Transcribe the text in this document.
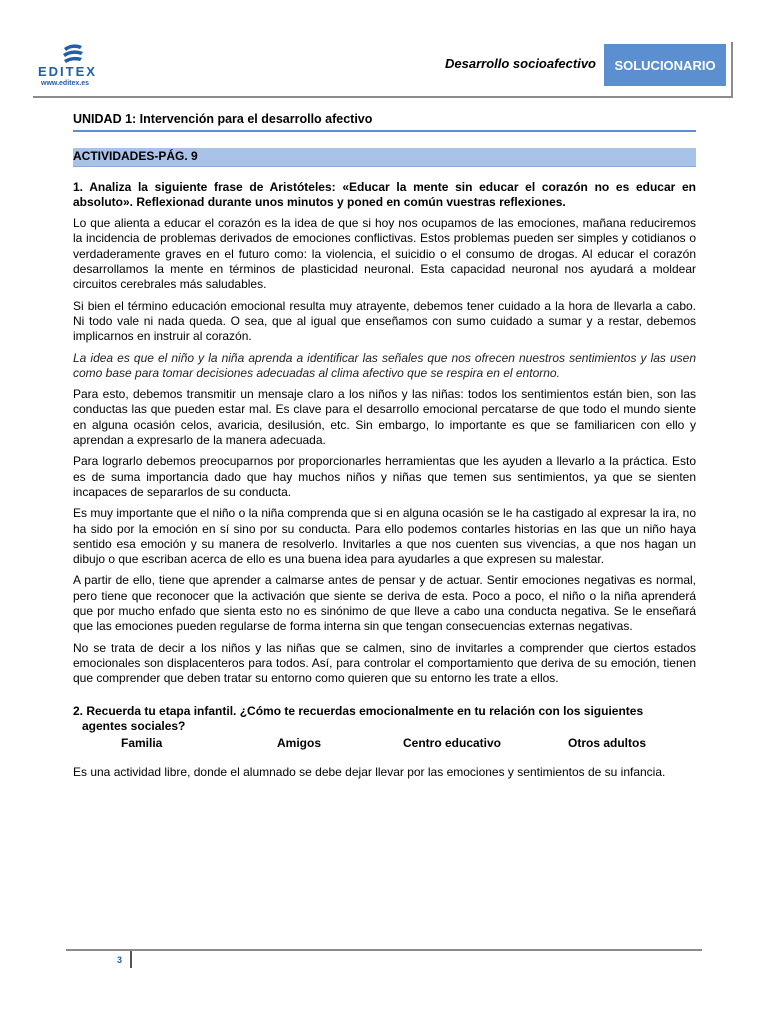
EDITEX
www.editex.es
Desarrollo socioafectivo	SOLUCIONARIO
UNIDAD 1: Intervención para el desarrollo afectivo
ACTIVIDADES-PÁG. 9

1. Analiza la siguiente frase de Aristóteles: «Educar la mente sin educar el corazón no es educar en absoluto». Reflexionad durante unos minutos y poned en común vuestras reflexiones.

Lo que alienta a educar el corazón es la idea de que si hoy nos ocupamos de las emociones, mañana reduciremos la incidencia de problemas derivados de emociones conflictivas. Estos problemas pueden ser simples y cotidianos o verdaderamente graves en el futuro como: la violencia, el suicidio o el consumo de drogas. Al educar el corazón desarrollamos la mente en términos de plasticidad neuronal. Esta capacidad neuronal nos ayudará a moldear circuitos cerebrales más saludables.

Si bien el término educación emocional resulta muy atrayente, debemos tener cuidado a la hora de llevarla a cabo. Ni todo vale ni nada queda. O sea, que al igual que enseñamos con sumo cuidado a sumar y a restar, debemos implicarnos en instruir al corazón.

La idea es que el niño y la niña aprenda a identificar las señales que nos ofrecen nuestros sentimientos y las usen como base para tomar decisiones adecuadas al clima afectivo que se respira en el entorno.

Para esto, debemos transmitir un mensaje claro a los niños y las niñas: todos los sentimientos están bien, son las conductas las que pueden estar mal. Es clave para el desarrollo emocional percatarse de que todo el mundo siente en alguna ocasión celos, avaricia, desilusión, etc. Sin embargo, lo importante es que se familiaricen con ello y aprendan a expresarlo de la manera adecuada.

Para lograrlo debemos preocuparnos por proporcionarles herramientas que les ayuden a llevarlo a la práctica. Esto es de suma importancia dado que hay muchos niños y niñas que temen sus sentimientos, ya que se sienten incapaces de separarlos de su conducta.

Es muy importante que el niño o la niña comprenda que si en alguna ocasión se le ha castigado al expresar la ira, no ha sido por la emoción en sí sino por su conducta. Para ello podemos contarles historias en las que un niño haya sentido esa emoción y su manera de resolverlo. Invitarles a que nos cuenten sus vivencias, a que nos hagan un dibujo o que escriban acerca de ello es una buena idea para ayudarles a que expresen su malestar.

A partir de ello, tiene que aprender a calmarse antes de pensar y de actuar. Sentir emociones negativas es normal, pero tiene que reconocer que la activación que siente se deriva de esta. Poco a poco, el niño o la niña aprenderá que por mucho enfado que sienta esto no es sinónimo de que lleve a cabo una conducta negativa. Se le enseñará que las emociones pueden regularse de forma interna sin que tengan consecuencias externas negativas.

No se trata de decir a los niños y las niñas que se calmen, sino de invitarles a comprender que ciertos estados emocionales son displacenteros para todos. Así, para controlar el comportamiento que deriva de su emoción, tienen que comprender que deben tratar su entorno como quieren que su entorno les trate a ellos.

2. Recuerda tu etapa infantil. ¿Cómo te recuerdas emocionalmente en tu relación con los siguientes
agentes sociales?

Familia	Amigos	Centro educativo	Otros adultos

Es una actividad libre, donde el alumnado se debe dejar llevar por las emociones y sentimientos de su infancia.

3
